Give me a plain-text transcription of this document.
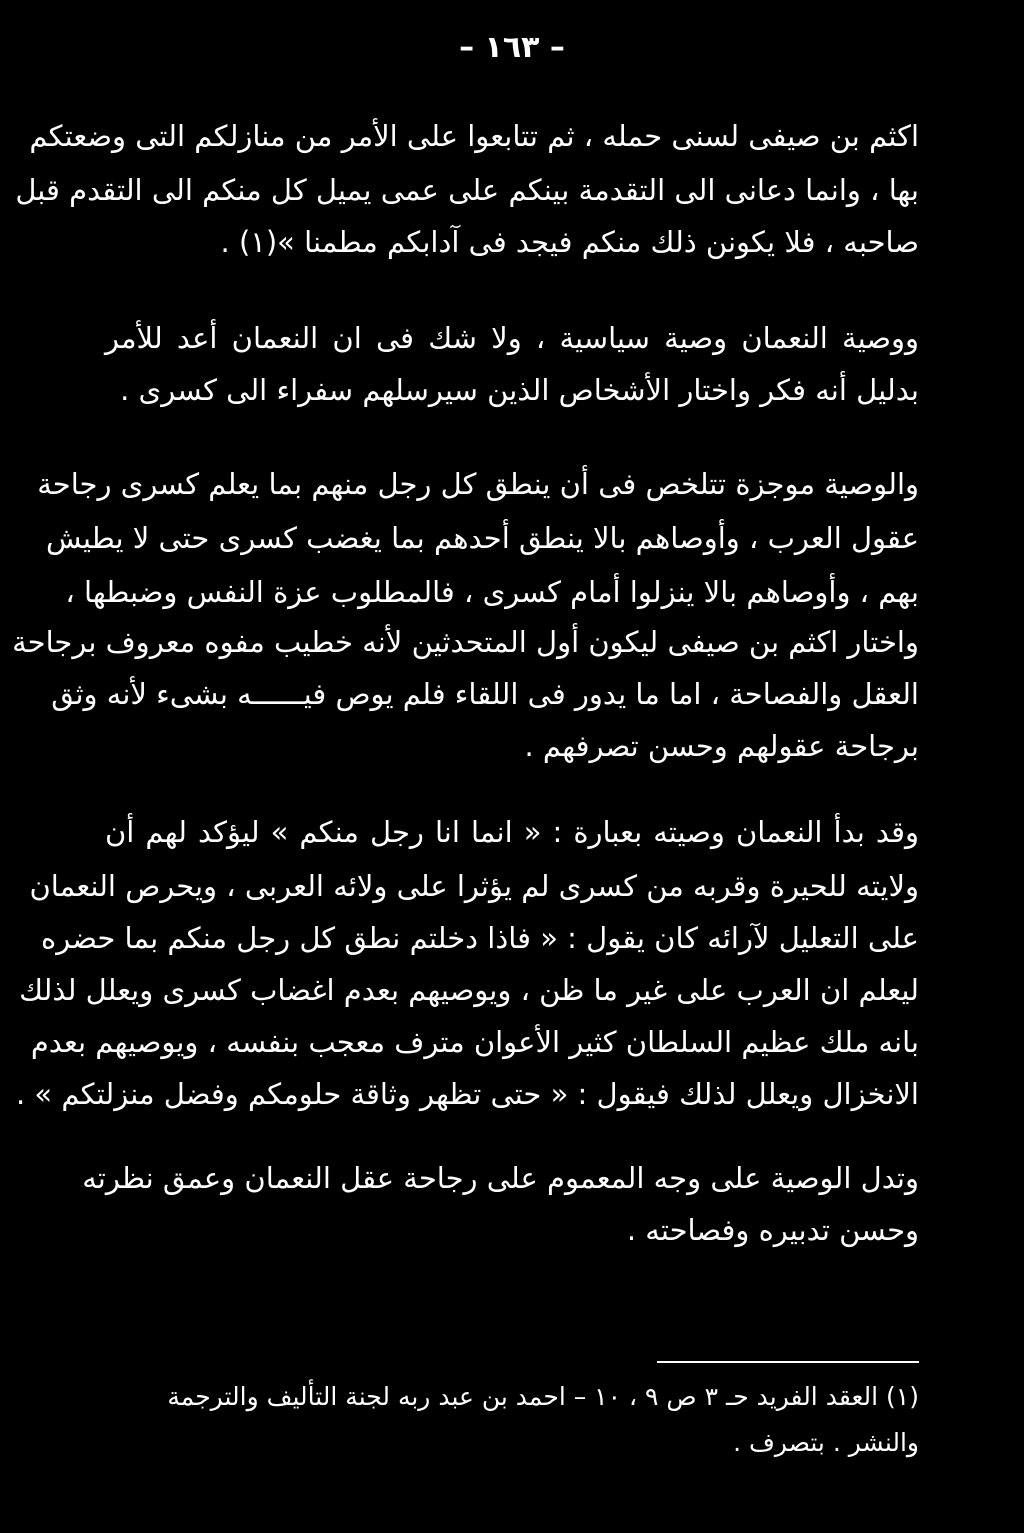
– ١٦٣ –
اكثم بن صيفى لسنى حمله ، ثم تتابعوا على الأمر من منازلكم التى وضعتكم
بها ، وانما دعانى الى التقدمة بينكم على عمى يميل كل منكم الى التقدم قبل
صاحبه ، فلا يكونن ذلك منكم فيجد فى آدابكم مطمنا »(١) .
ووصية النعمان وصية سياسية ، ولا شك فى ان النعمان أعد للأمر
بدليل أنه فكر واختار الأشخاص الذين سيرسلهم سفراء الى كسرى .
والوصية موجزة تتلخص فى أن ينطق كل رجل منهم بما يعلم كسرى رجاحة
عقول العرب ، وأوصاهم بالا ينطق أحدهم بما يغضب كسرى حتى لا يطيش
بهم ، وأوصاهم بالا ينزلوا أمام كسرى ، فالمطلوب عزة النفس وضبطها ،
واختار اكثم بن صيفى ليكون أول المتحدثين لأنه خطيب مفوه معروف برجاحة
العقل والفصاحة ، اما ما يدور فى اللقاء فلم يوص فيــــــه بشىء لأنه وثق
برجاحة عقولهم وحسن تصرفهم .
وقد بدأ النعمان وصيته بعبارة : « انما انا رجل منكم » ليؤكد لهم أن
ولايته للحيرة وقربه من كسرى لم يؤثرا على ولائه العربى ، ويحرص النعمان
على التعليل لآرائه كان يقول : « فاذا دخلتم نطق كل رجل منكم بما حضره
ليعلم ان العرب على غير ما ظن ، ويوصيهم بعدم اغضاب كسرى ويعلل لذلك
بانه ملك عظيم السلطان كثير الأعوان مترف معجب بنفسه ، ويوصيهم بعدم
الانخزال ويعلل لذلك فيقول : « حتى تظهر وثاقة حلومكم وفضل منزلتكم » .
وتدل الوصية على وجه المعموم على رجاحة عقل النعمان وعمق نظرته
وحسن تدبيره وفصاحته .
(١) العقد الفريد حـ ٣ ص ٩ ، ١٠ – احمد بن عبد ربه لجنة التأليف والترجمة
والنشر . بتصرف .
